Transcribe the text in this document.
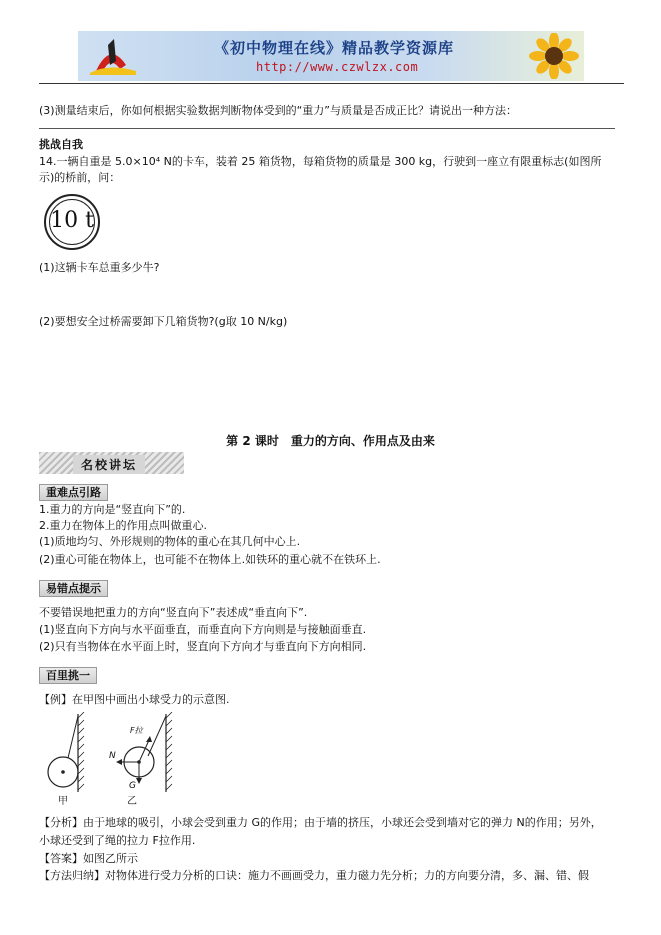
《初中物理在线》精品教学资源库
http://www.czwlzx.com
(3)测量结束后，你如何根据实验数据判断物体受到的“重力”与质量是否成正比？请说出一种方法：
挑战自我
14.一辆自重是 5.0×10⁴ N的卡车，装着 25 箱货物，每箱货物的质量是 300 kg，行驶到一座立有限重标志(如图所
示)的桥前，问：
10 t
(1)这辆卡车总重多少牛?
(2)要想安全过桥需要卸下几箱货物?(g取 10 N/kg)
第 2 课时　重力的方向、作用点及由来
名校讲坛
重难点引路
1.重力的方向是“竖直向下”的.
2.重力在物体上的作用点叫做重心.
(1)质地均匀、外形规则的物体的重心在其几何中心上.
(2)重心可能在物体上，也可能不在物体上.如铁环的重心就不在铁环上.
易错点提示
不要错误地把重力的方向“竖直向下”表述成“垂直向下”.
(1)竖直向下方向与水平面垂直，而垂直向下方向则是与接触面垂直.
(2)只有当物体在水平面上时，竖直向下方向才与垂直向下方向相同.
百里挑一
【例】在甲图中画出小球受力的示意图.
甲
F拉
N
G
乙
【分析】由于地球的吸引，小球会受到重力 G的作用；由于墙的挤压，小球还会受到墙对它的弹力 N的作用；另外，
小球还受到了绳的拉力 F拉作用.
【答案】如图乙所示
【方法归纳】对物体进行受力分析的口诀：施力不画画受力，重力磁力先分析；力的方向要分清，多、漏、错、假
